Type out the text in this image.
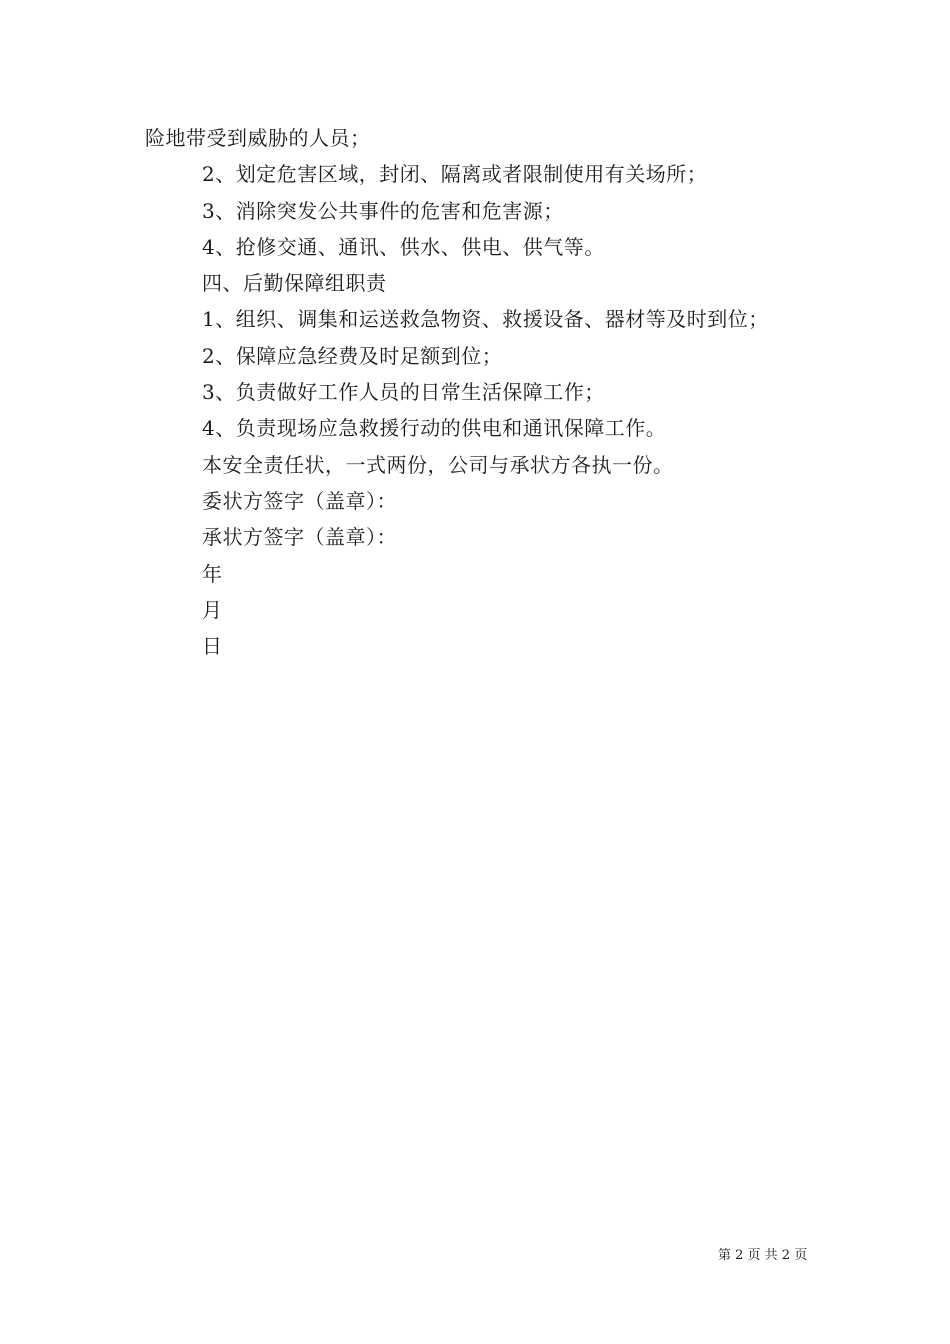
险地带受到威胁的人员；
2、划定危害区域，封闭、隔离或者限制使用有关场所；
3、消除突发公共事件的危害和危害源；
4、抢修交通、通讯、供水、供电、供气等。
四、后勤保障组职责
1、组织、调集和运送救急物资、救援设备、器材等及时到位；
2、保障应急经费及时足额到位；
3、负责做好工作人员的日常生活保障工作；
4、负责现场应急救援行动的供电和通讯保障工作。
本安全责任状，一式两份，公司与承状方各执一份。
委状方签字（盖章）：
承状方签字（盖章）：
年
月
日
第 2 页 共 2 页
